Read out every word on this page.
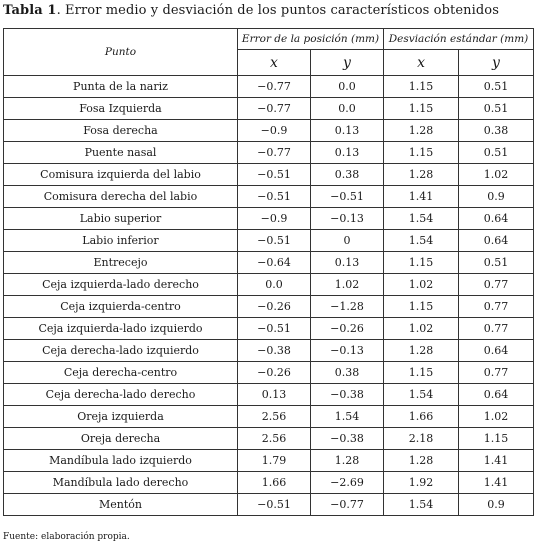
Tabla 1. Error medio y desviación de los puntos característicos obtenidos
Punto	Error de la posición (mm)		Desviación estándar (mm)	
	x	y	x	y
Punta de la nariz	−0.77	0.0	1.15	0.51
Fosa Izquierda	−0.77	0.0	1.15	0.51
Fosa derecha	−0.9	0.13	1.28	0.38
Puente nasal	−0.77	0.13	1.15	0.51
Comisura izquierda del labio	−0.51	0.38	1.28	1.02
Comisura derecha del labio	−0.51	−0.51	1.41	0.9
Labio superior	−0.9	−0.13	1.54	0.64
Labio inferior	−0.51	0	1.54	0.64
Entrecejo	−0.64	0.13	1.15	0.51
Ceja izquierda-lado derecho	0.0	1.02	1.02	0.77
Ceja izquierda-centro	−0.26	−1.28	1.15	0.77
Ceja izquierda-lado izquierdo	−0.51	−0.26	1.02	0.77
Ceja derecha-lado izquierdo	−0.38	−0.13	1.28	0.64
Ceja derecha-centro	−0.26	0.38	1.15	0.77
Ceja derecha-lado derecho	0.13	−0.38	1.54	0.64
Oreja izquierda	2.56	1.54	1.66	1.02
Oreja derecha	2.56	−0.38	2.18	1.15
Mandíbula lado izquierdo	1.79	1.28	1.28	1.41
Mandíbula lado derecho	1.66	−2.69	1.92	1.41
Mentón	−0.51	−0.77	1.54	0.9
Fuente: elaboración propia.
